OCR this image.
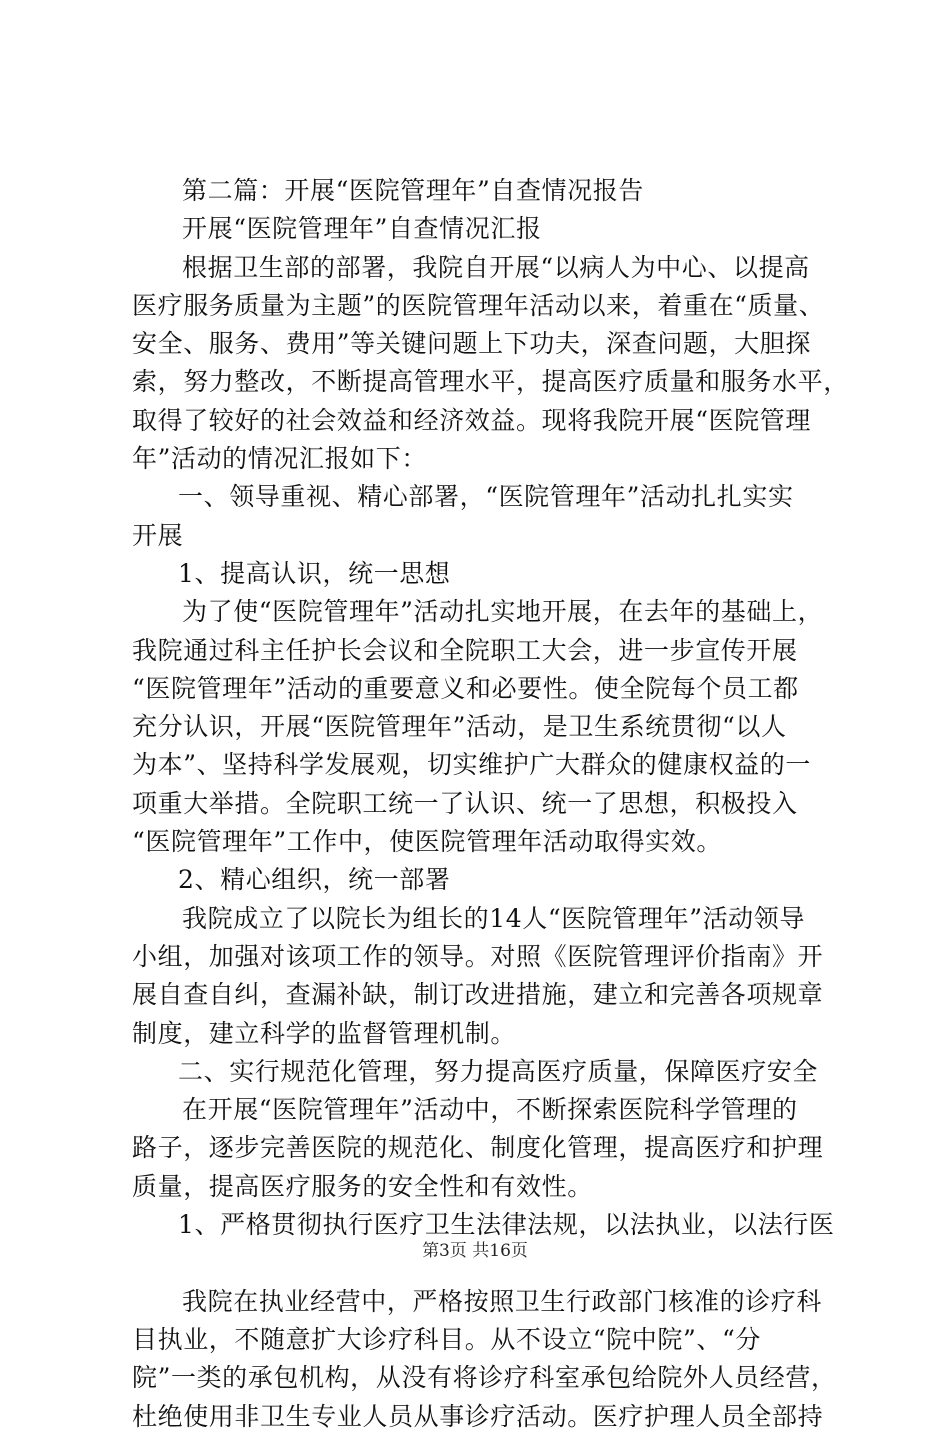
第二篇：开展“医院管理年”自查情况报告
开展“医院管理年”自查情况汇报
根据卫生部的部署，我院自开展“以病人为中心、以提高
医疗服务质量为主题”的医院管理年活动以来，着重在“质量、
安全、服务、费用”等关键问题上下功夫，深查问题，大胆探
索，努力整改，不断提高管理水平，提高医疗质量和服务水平，
取得了较好的社会效益和经济效益。现将我院开展“医院管理
年”活动的情况汇报如下：
一、领导重视、精心部署，“医院管理年”活动扎扎实实
开展
1、提高认识，统一思想
为了使“医院管理年”活动扎实地开展，在去年的基础上，
我院通过科主任护长会议和全院职工大会，进一步宣传开展
“医院管理年”活动的重要意义和必要性。使全院每个员工都
充分认识，开展“医院管理年”活动，是卫生系统贯彻“以人
为本”、坚持科学发展观，切实维护广大群众的健康权益的一
项重大举措。全院职工统一了认识、统一了思想，积极投入
“医院管理年”工作中，使医院管理年活动取得实效。
2、精心组织，统一部署
我院成立了以院长为组长的14人“医院管理年”活动领导
小组，加强对该项工作的领导。对照《医院管理评价指南》开
展自查自纠，查漏补缺，制订改进措施，建立和完善各项规章
制度，建立科学的监督管理机制。
二、实行规范化管理，努力提高医疗质量，保障医疗安全
在开展“医院管理年”活动中，不断探索医院科学管理的
路子，逐步完善医院的规范化、制度化管理，提高医疗和护理
质量，提高医疗服务的安全性和有效性。
1、严格贯彻执行医疗卫生法律法规，以法执业，以法行医
我院在执业经营中，严格按照卫生行政部门核准的诊疗科
目执业，不随意扩大诊疗科目。从不设立“院中院”、“分
院”一类的承包机构，从没有将诊疗科室承包给院外人员经营，
杜绝使用非卫生专业人员从事诊疗活动。医疗护理人员全部持
第3页 共16页
